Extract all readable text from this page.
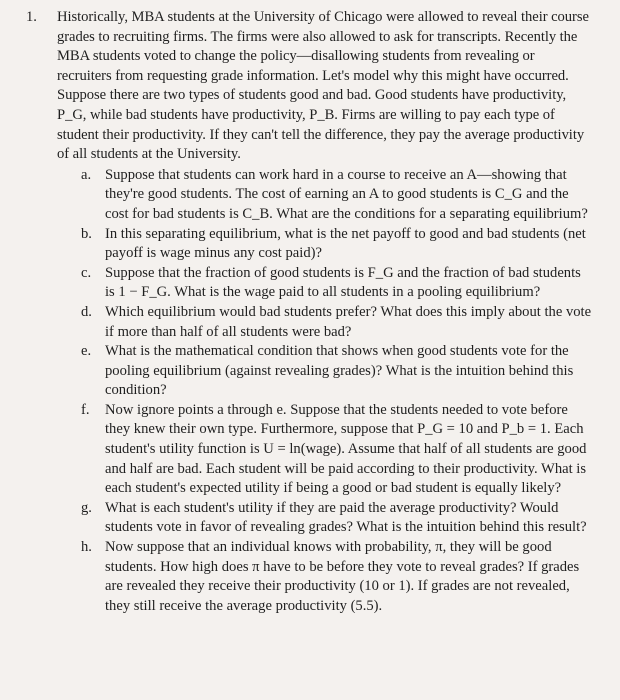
1.	Historically, MBA students at the University of Chicago were allowed to reveal their course grades to recruiting firms. The firms were also allowed to ask for transcripts. Recently the MBA students voted to change the policy—disallowing students from revealing or recruiters from requesting grade information. Let's model why this might have occurred. Suppose there are two types of students good and bad. Good students have productivity, P_G, while bad students have productivity, P_B. Firms are willing to pay each type of student their productivity. If they can't tell the difference, they pay the average productivity of all students at the University.

a. Suppose that students can work hard in a course to receive an A—showing that they're good students. The cost of earning an A to good students is C_G and the cost for bad students is C_B. What are the conditions for a separating equilibrium?
b. In this separating equilibrium, what is the net payoff to good and bad students (net payoff is wage minus any cost paid)?
c. Suppose that the fraction of good students is F_G and the fraction of bad students is 1 − F_G. What is the wage paid to all students in a pooling equilibrium?
d. Which equilibrium would bad students prefer? What does this imply about the vote if more than half of all students were bad?
e. What is the mathematical condition that shows when good students vote for the pooling equilibrium (against revealing grades)? What is the intuition behind this condition?
f.	Now ignore points a through e. Suppose that the students needed to vote before they knew their own type. Furthermore, suppose that P_G = 10 and P_b = 1. Each student's utility function is U = ln(wage). Assume that half of all students are good and half are bad. Each student will be paid according to their productivity. What is each student's expected utility if being a good or bad student is equally likely?
g. What is each student's utility if they are paid the average productivity? Would students vote in favor of revealing grades? What is the intuition behind this result?
h. Now suppose that an individual knows with probability, π, they will be good students. How high does π have to be before they vote to reveal grades? If grades are revealed they receive their productivity (10 or 1). If grades are not revealed, they still receive the average productivity (5.5).
